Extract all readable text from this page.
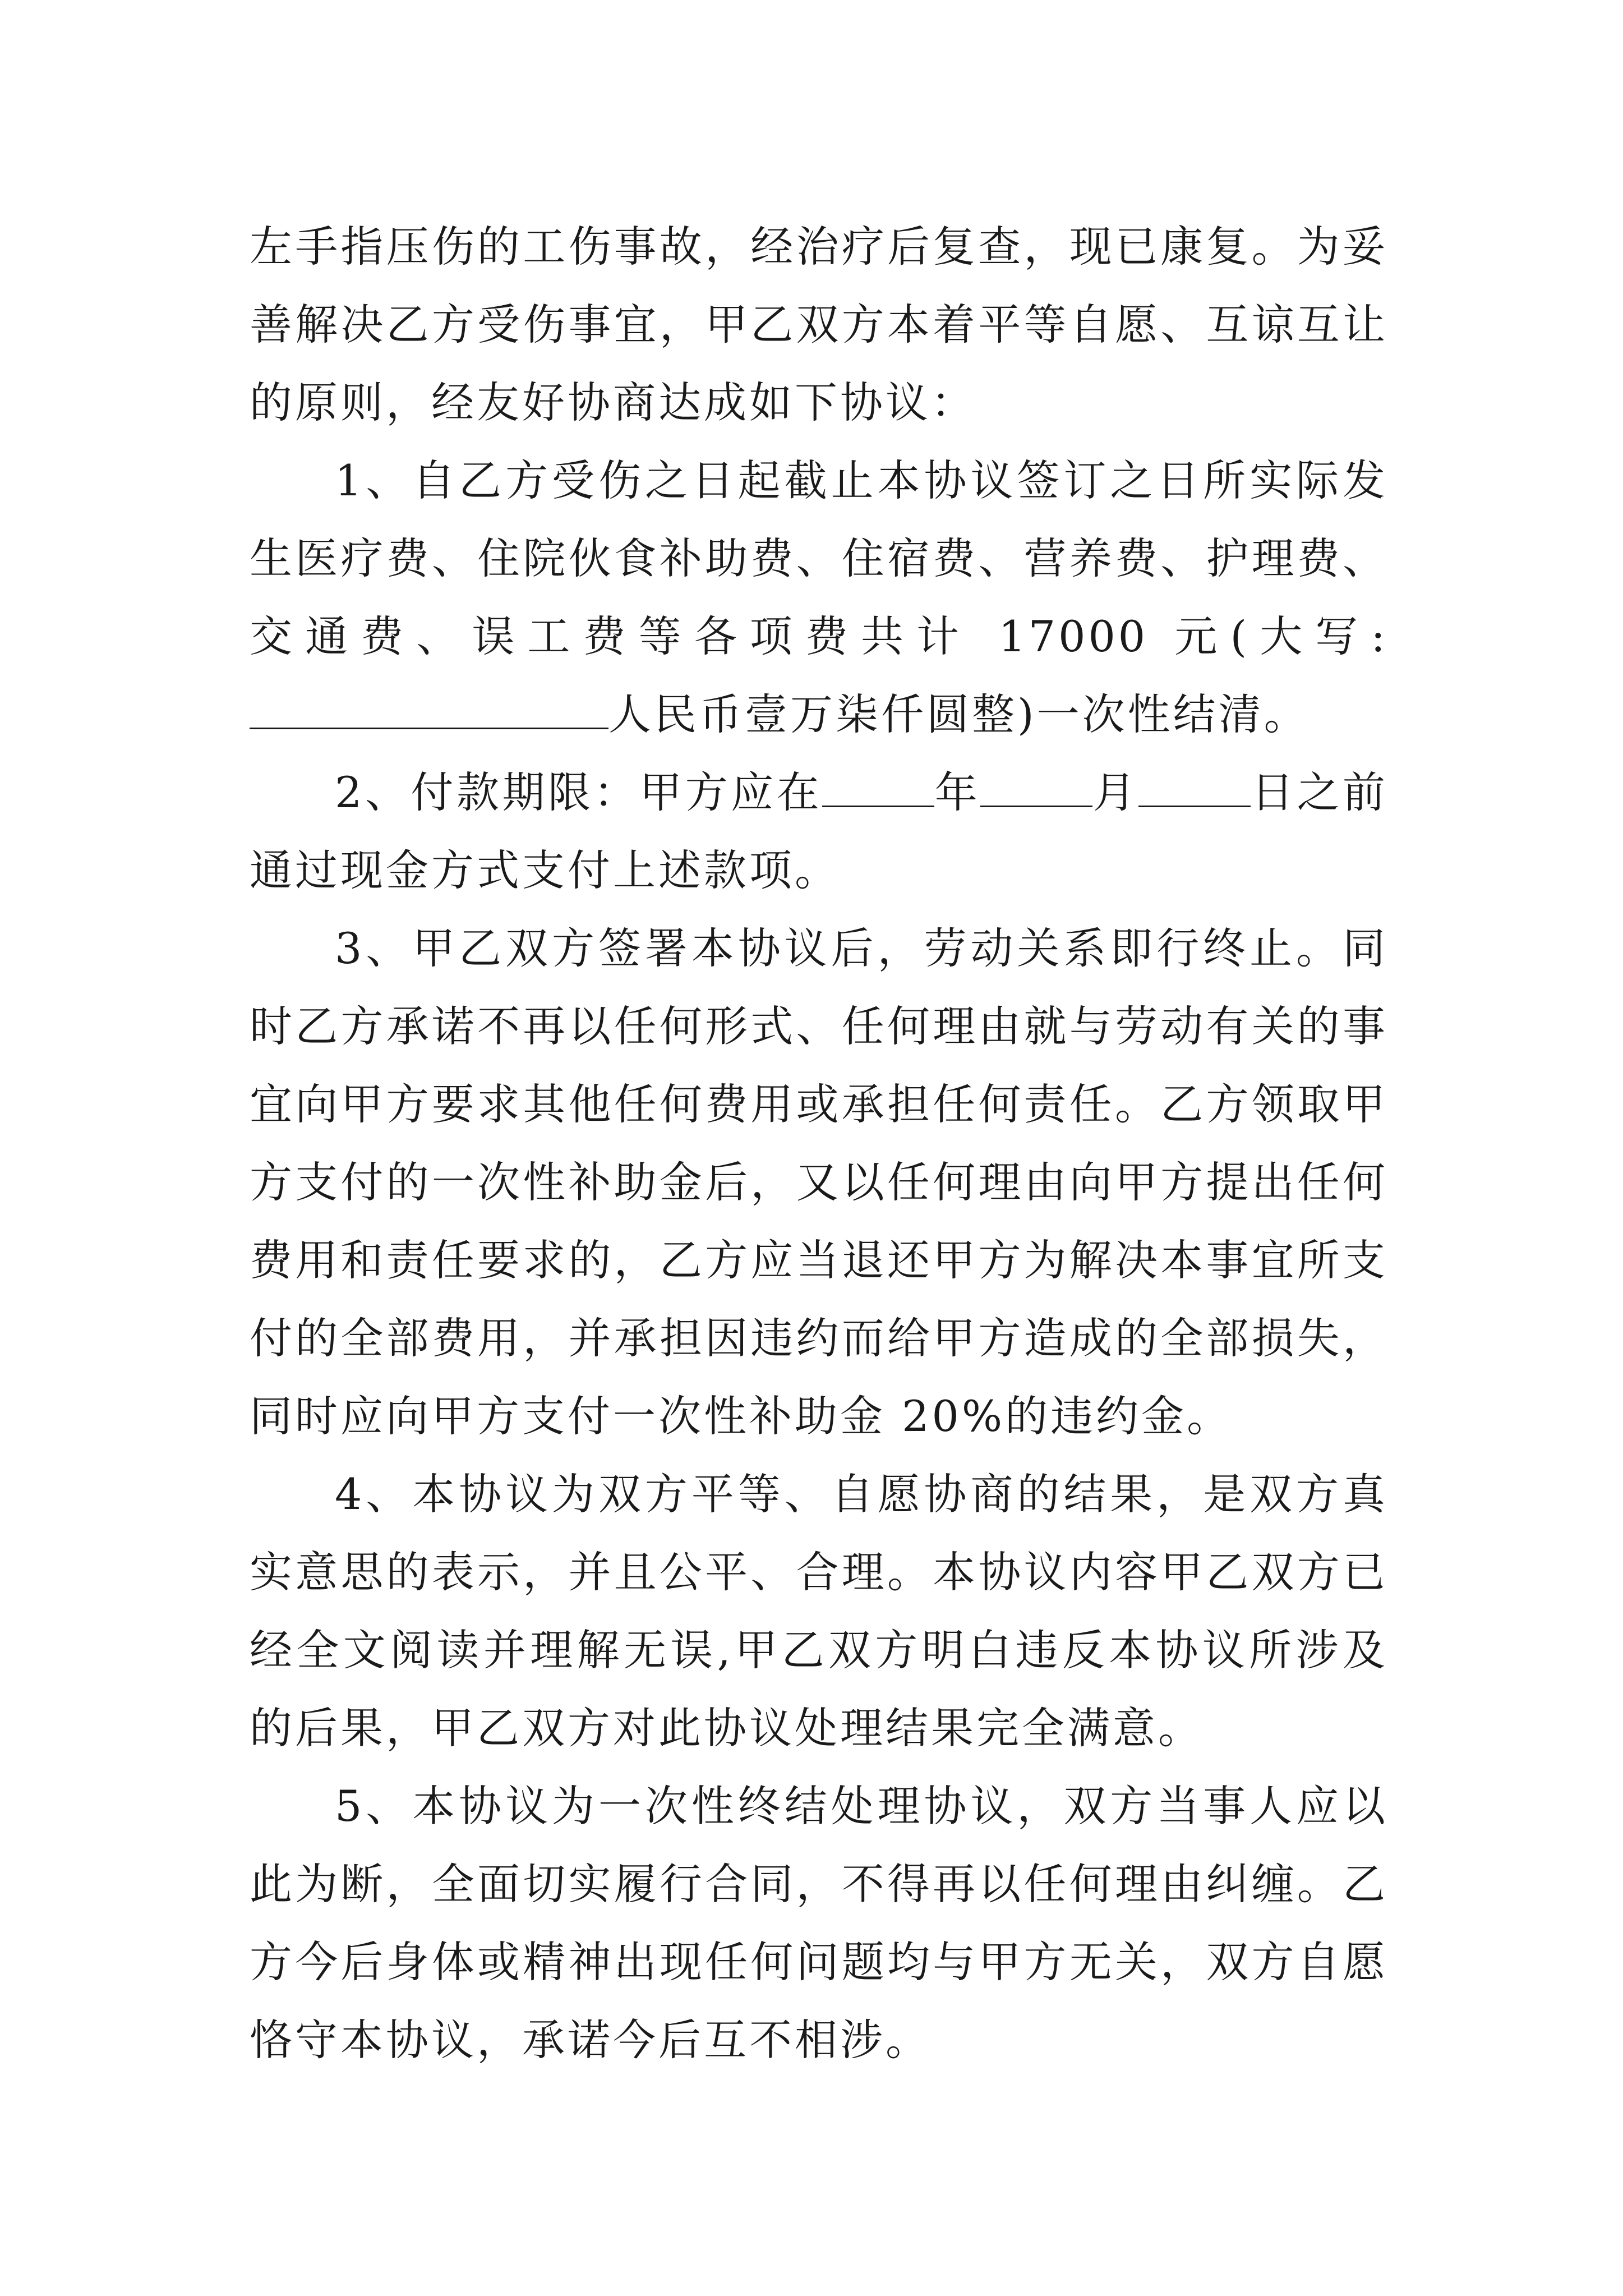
左手指压伤的工伤事故，经治疗后复查，现已康复。为妥善解决乙方受伤事宜，甲乙双方本着平等自愿、互谅互让的原则，经友好协商达成如下协议：

1、自乙方受伤之日起截止本协议签订之日所实际发生医疗费、住院伙食补助费、住宿费、营养费、护理费、交通费、误工费等各项费共计 17000 元(大写:人民币壹万柒仟圆整)一次性结清。

2、付款期限：甲方应在	年	月	日之前通过现金方式支付上述款项。

3、甲乙双方签署本协议后，劳动关系即行终止。同时乙方承诺不再以任何形式、任何理由就与劳动有关的事宜向甲方要求其他任何费用或承担任何责任。乙方领取甲方支付的一次性补助金后，又以任何理由向甲方提出任何费用和责任要求的，乙方应当退还甲方为解决本事宜所支付的全部费用，并承担因违约而给甲方造成的全部损失，同时应向甲方支付一次性补助金 20%的违约金。

4、本协议为双方平等、自愿协商的结果，是双方真实意思的表示，并且公平、合理。本协议内容甲乙双方已经全文阅读并理解无误,甲乙双方明白违反本协议所涉及的后果，甲乙双方对此协议处理结果完全满意。

5、本协议为一次性终结处理协议，双方当事人应以此为断，全面切实履行合同，不得再以任何理由纠缠。乙方今后身体或精神出现任何问题均与甲方无关，双方自愿恪守本协议，承诺今后互不相涉。
